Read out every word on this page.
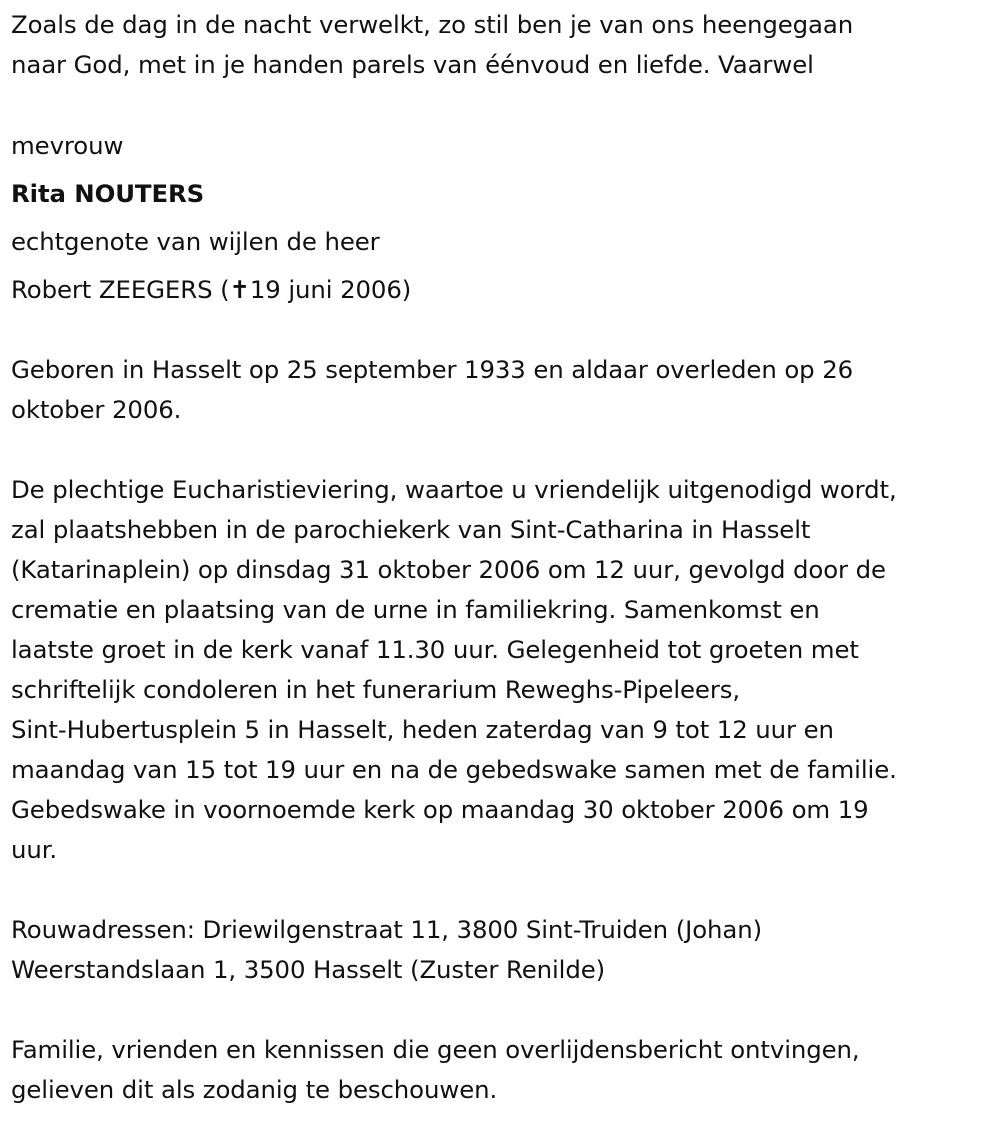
Zoals de dag in de nacht verwelkt, zo stil ben je van ons heengegaan
naar God, met in je handen parels van éénvoud en liefde. Vaarwel

mevrouw

Rita NOUTERS

echtgenote van wijlen de heer

Robert ZEEGERS (✝19 juni 2006)

Geboren in Hasselt op 25 september 1933 en aldaar overleden op 26
oktober 2006.

De plechtige Eucharistieviering, waartoe u vriendelijk uitgenodigd wordt,
zal plaatshebben in de parochiekerk van Sint-Catharina in Hasselt
(Katarinaplein) op dinsdag 31 oktober 2006 om 12 uur, gevolgd door de
crematie en plaatsing van de urne in familiekring. Samenkomst en
laatste groet in de kerk vanaf 11.30 uur. Gelegenheid tot groeten met
schriftelijk condoleren in het funerarium Reweghs-Pipeleers,
Sint-Hubertusplein 5 in Hasselt, heden zaterdag van 9 tot 12 uur en
maandag van 15 tot 19 uur en na de gebedswake samen met de familie.
Gebedswake in voornoemde kerk op maandag 30 oktober 2006 om 19
uur.

Rouwadressen: Driewilgenstraat 11, 3800 Sint-Truiden (Johan)
Weerstandslaan 1, 3500 Hasselt (Zuster Renilde)

Familie, vrienden en kennissen die geen overlijdensbericht ontvingen,
gelieven dit als zodanig te beschouwen.
